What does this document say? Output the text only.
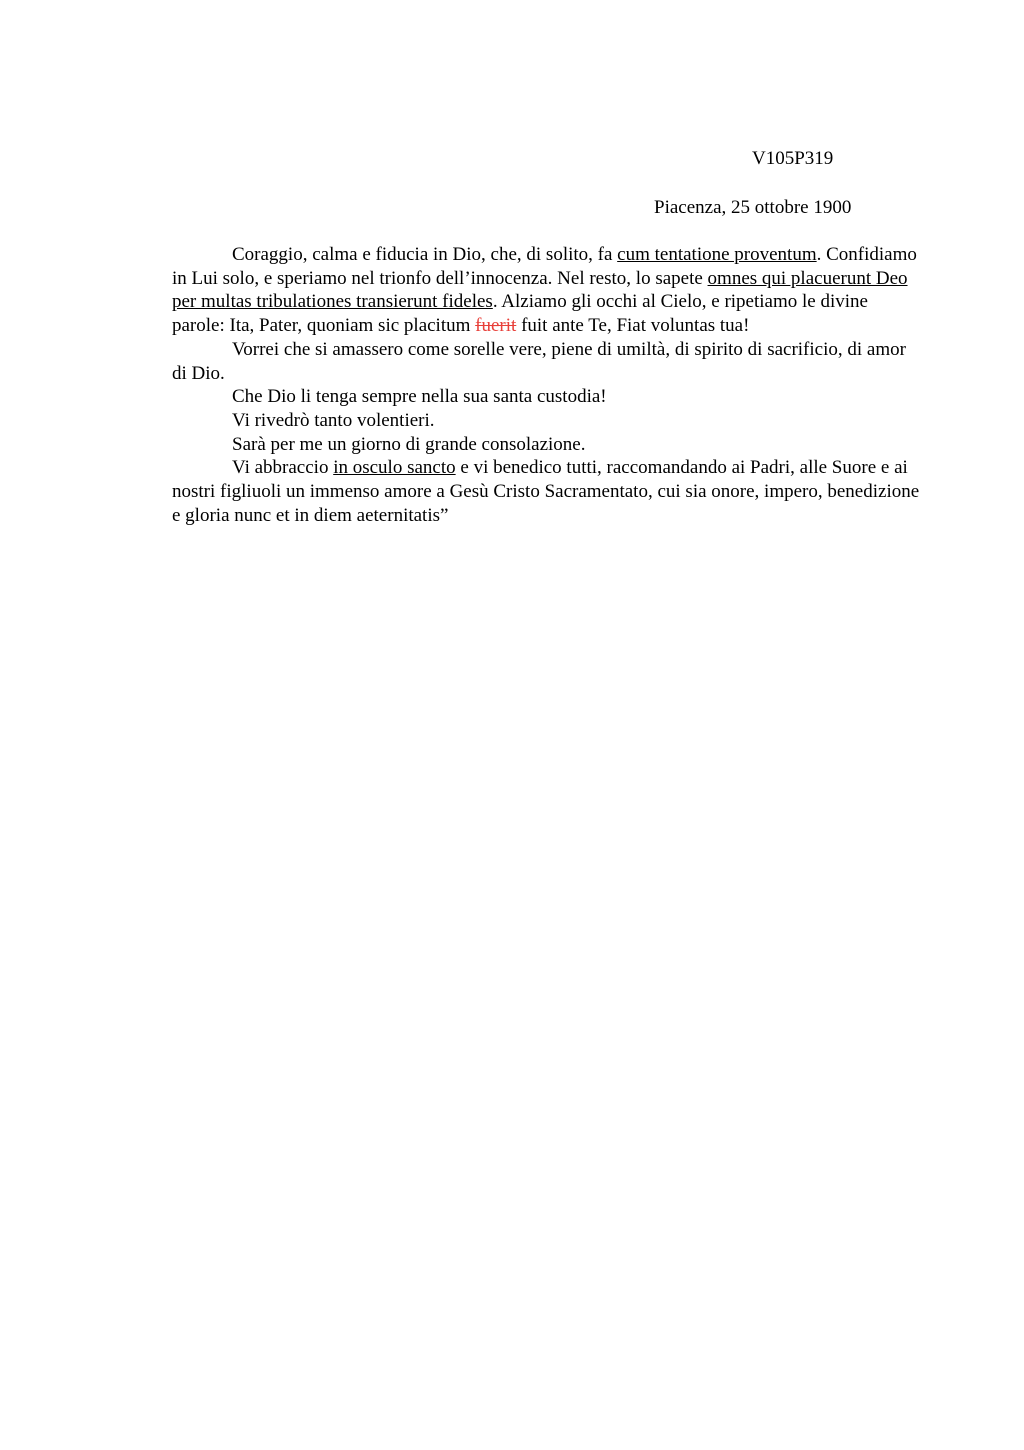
V105P319
Piacenza, 25 ottobre 1900

Coraggio, calma e fiducia in Dio, che, di solito, fa cum tentatione proventum. Confidiamo in Lui solo, e speriamo nel trionfo dell’innocenza. Nel resto, lo sapete omnes qui placuerunt Deo per multas tribulationes transierunt fideles. Alziamo gli occhi al Cielo, e ripetiamo le divine parole: Ita, Pater, quoniam sic placitum fuerit fuit ante Te, Fiat voluntas tua!

Vorrei che si amassero come sorelle vere, piene di umiltà, di spirito di sacrificio, di amor di Dio.

Che Dio li tenga sempre nella sua santa custodia!

Vi rivedrò tanto volentieri.

Sarà per me un giorno di grande consolazione.

Vi abbraccio in osculo sancto e vi benedico tutti, raccomandando ai Padri, alle Suore e ai nostri figliuoli un immenso amore a Gesù Cristo Sacramentato, cui sia onore, impero, benedizione e gloria nunc et in diem aeternitatis”
